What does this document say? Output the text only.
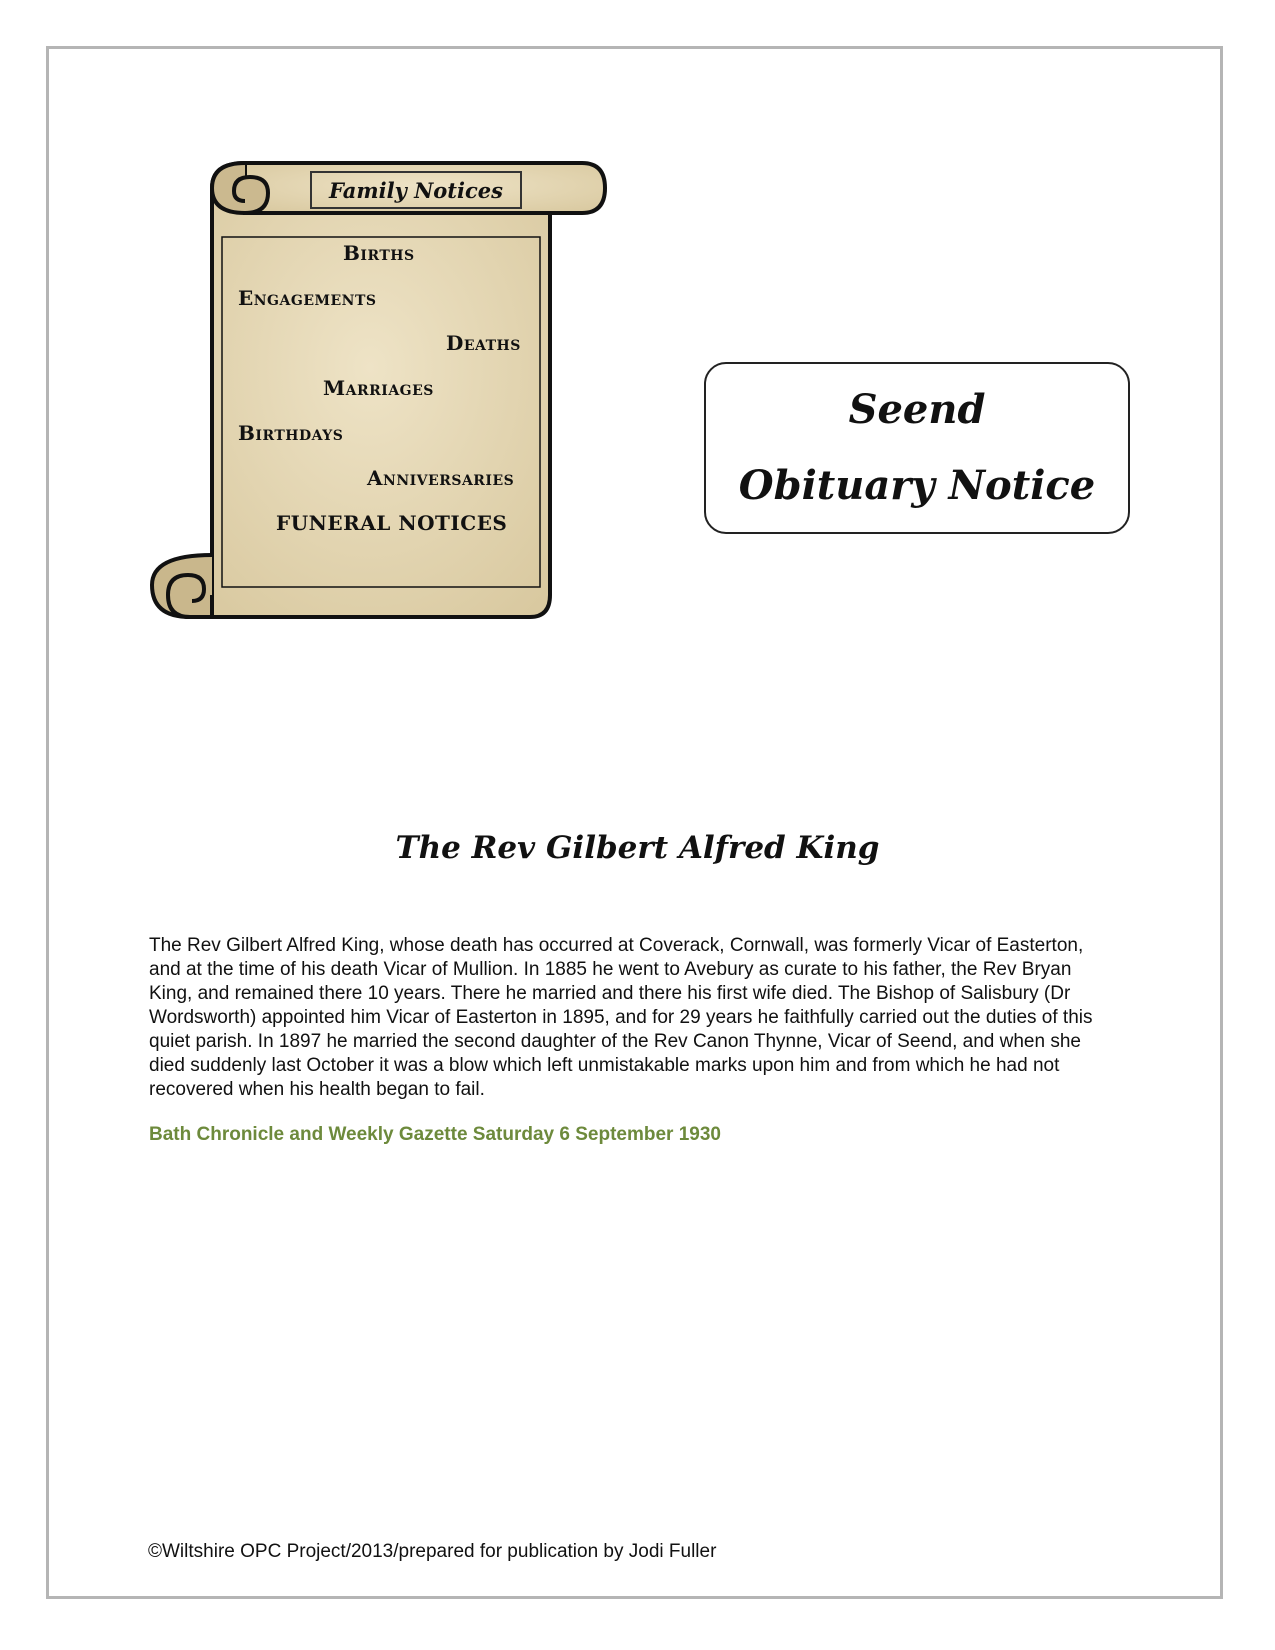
Family Notices
Births
Engagements
Deaths
Marriages
Birthdays
Anniversaries
FUNERAL NOTICES
Seend
Obituary Notice
The Rev Gilbert Alfred King
The Rev Gilbert Alfred King, whose death has occurred at Coverack, Cornwall, was formerly Vicar of Easterton, and at the time of his death Vicar of Mullion. In 1885 he went to Avebury as curate to his father, the Rev Bryan King, and remained there 10 years. There he married and there his first wife died. The Bishop of Salisbury (Dr Wordsworth) appointed him Vicar of Easterton in 1895, and for 29 years he faithfully carried out the duties of this quiet parish. In 1897 he married the second daughter of the Rev Canon Thynne, Vicar of Seend, and when she died suddenly last October it was a blow which left unmistakable marks upon him and from which he had not recovered when his health began to fail.
Bath Chronicle and Weekly Gazette Saturday 6 September 1930
©Wiltshire OPC Project/2013/prepared for publication by Jodi Fuller
